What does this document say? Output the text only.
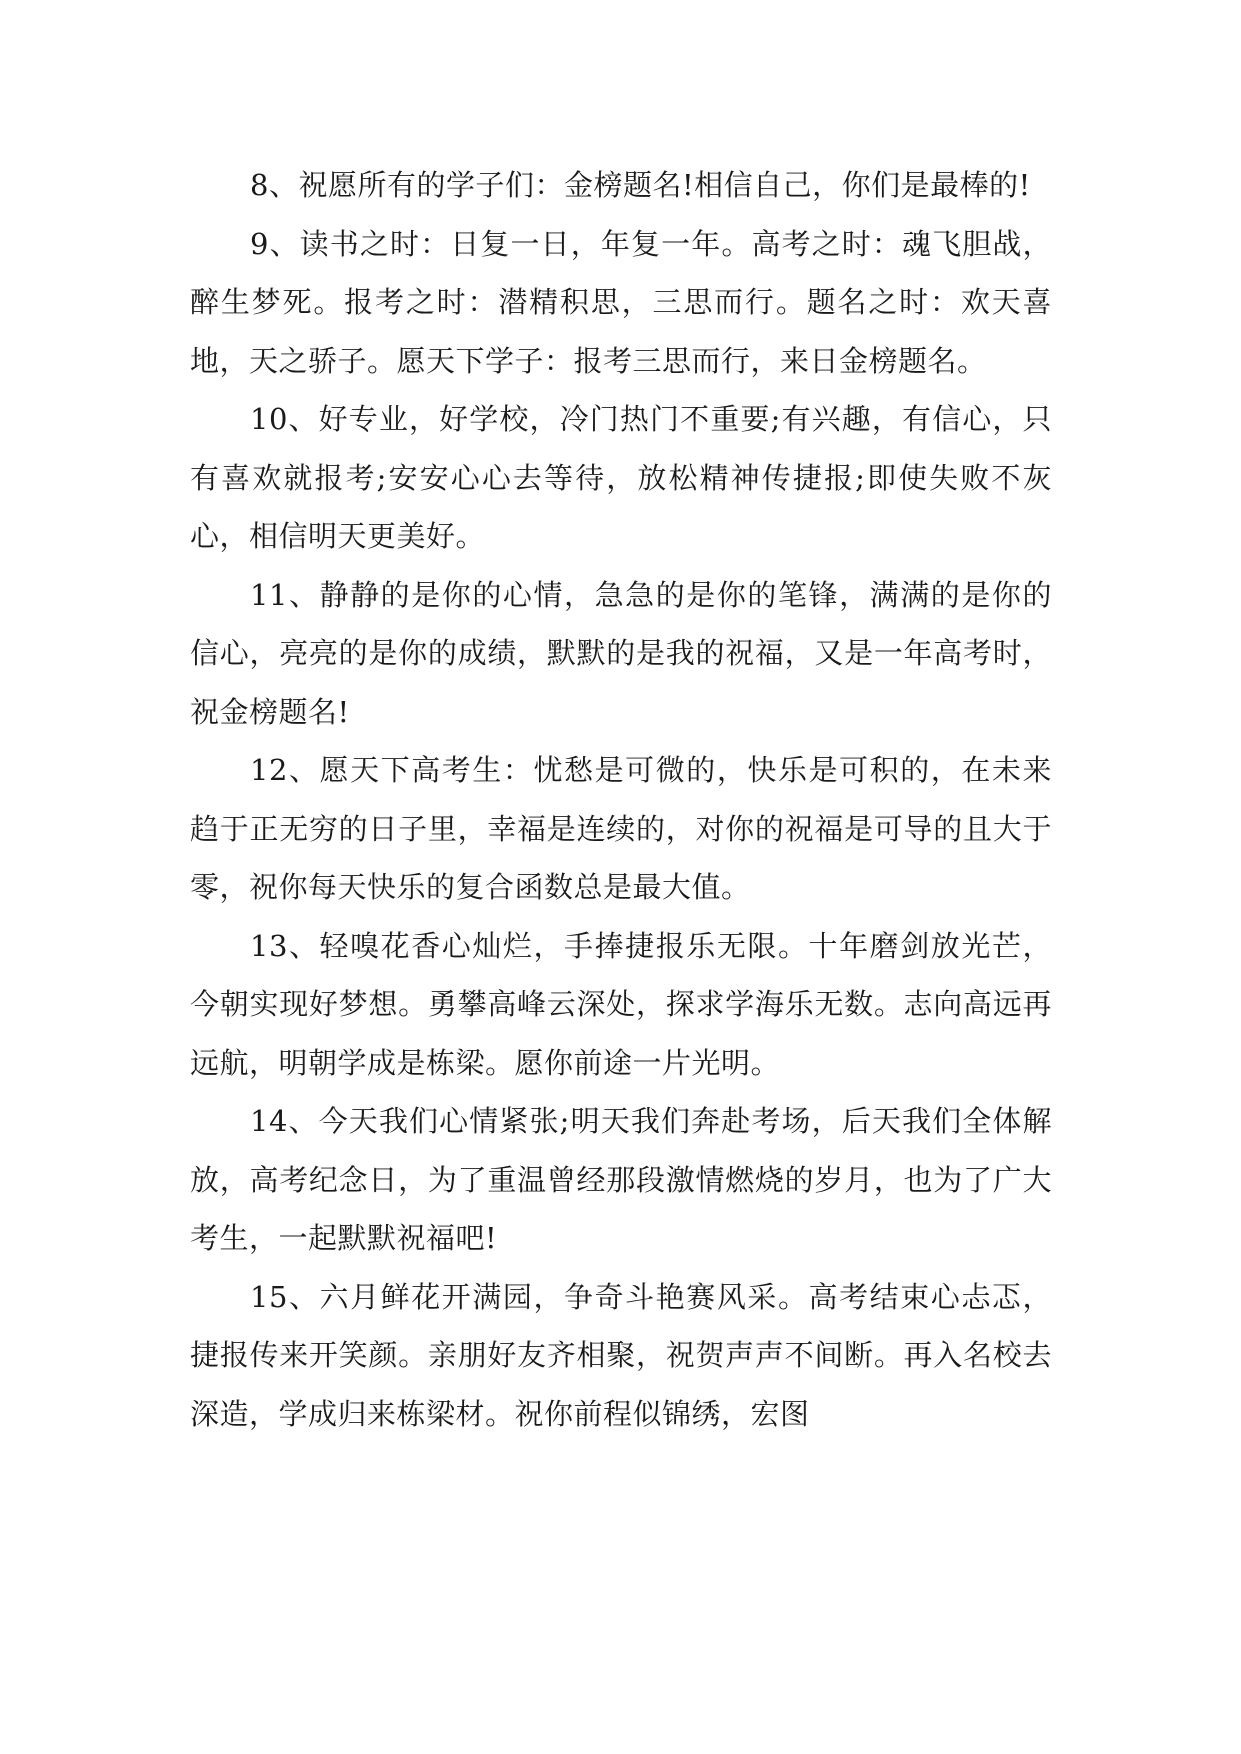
8、祝愿所有的学子们：金榜题名!相信自己，你们是最棒的!

9、读书之时：日复一日，年复一年。高考之时：魂飞胆战，醉生梦死。报考之时：潜精积思，三思而行。题名之时：欢天喜地，天之骄子。愿天下学子：报考三思而行，来日金榜题名。

10、好专业，好学校，冷门热门不重要;有兴趣，有信心，只有喜欢就报考;安安心心去等待，放松精神传捷报;即使失败不灰心，相信明天更美好。

11、静静的是你的心情，急急的是你的笔锋，满满的是你的信心，亮亮的是你的成绩，默默的是我的祝福，又是一年高考时，祝金榜题名!

12、愿天下高考生：忧愁是可微的，快乐是可积的，在未来趋于正无穷的日子里，幸福是连续的，对你的祝福是可导的且大于零，祝你每天快乐的复合函数总是最大值。

13、轻嗅花香心灿烂，手捧捷报乐无限。十年磨剑放光芒，今朝实现好梦想。勇攀高峰云深处，探求学海乐无数。志向高远再远航，明朝学成是栋梁。愿你前途一片光明。

14、今天我们心情紧张;明天我们奔赴考场，后天我们全体解放，高考纪念日，为了重温曾经那段激情燃烧的岁月，也为了广大考生，一起默默祝福吧!

15、六月鲜花开满园，争奇斗艳赛风采。高考结束心忐忑，捷报传来开笑颜。亲朋好友齐相聚，祝贺声声不间断。再入名校去深造，学成归来栋梁材。祝你前程似锦绣，宏图
